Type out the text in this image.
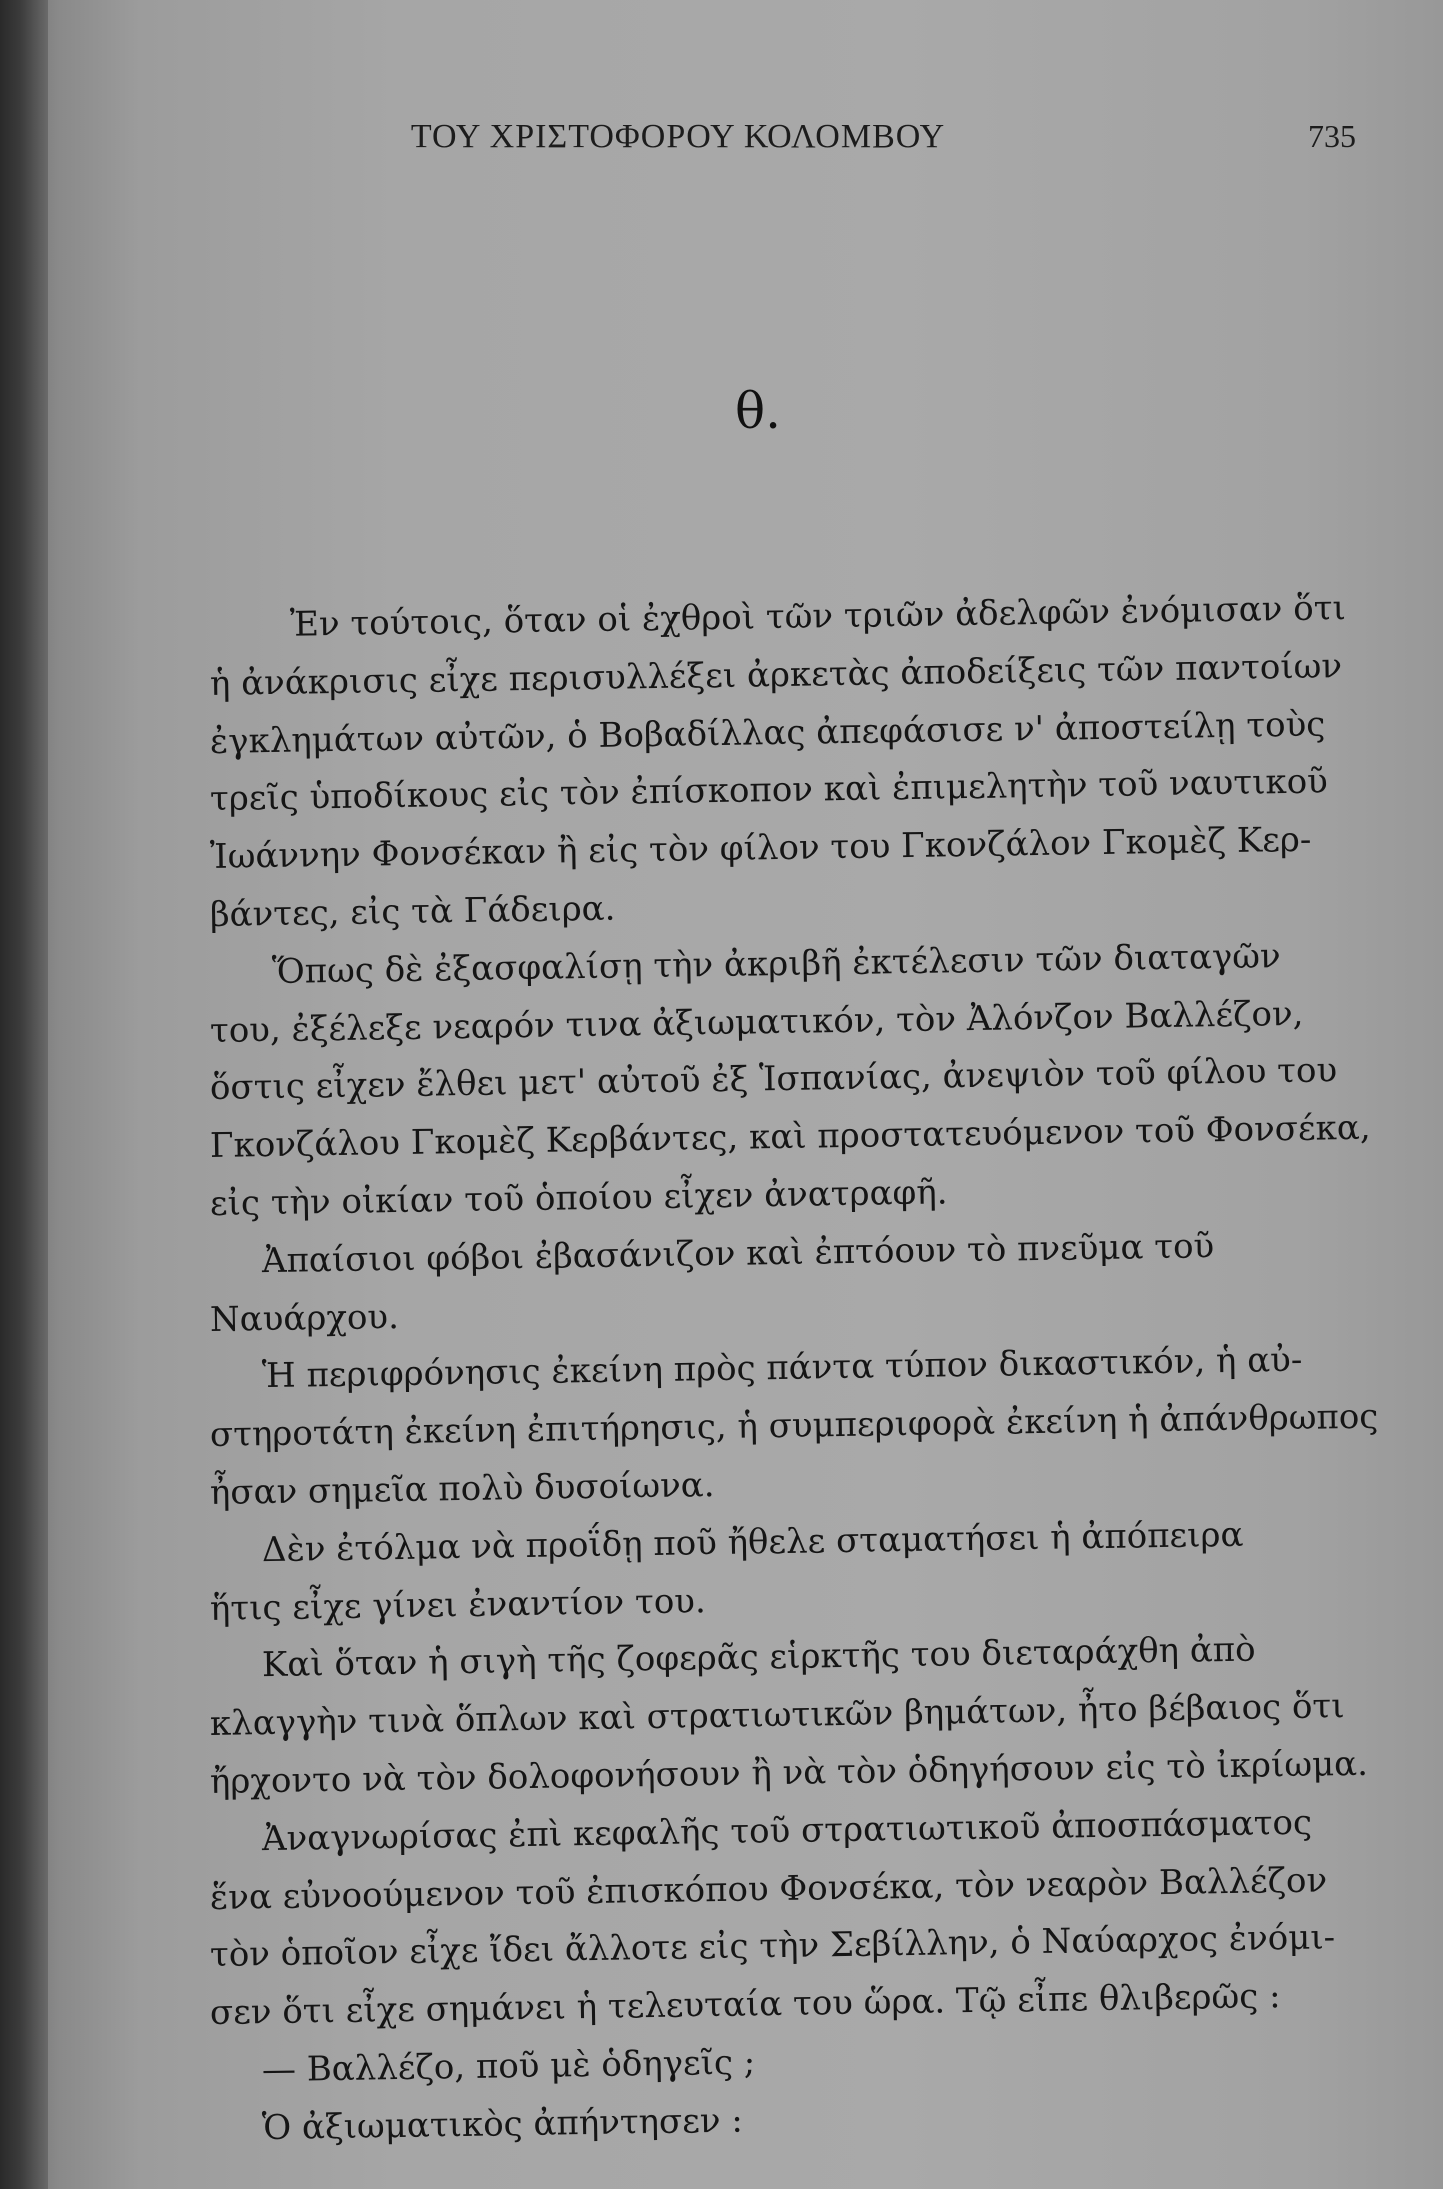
ΤΟΥ ΧΡΙΣΤΟΦΟΡΟΥ ΚΟΛΟΜΒΟΥ	735
θ.
Ἐν τούτοις, ὅταν οἱ ἐχθροὶ τῶν τριῶν ἀδελφῶν ἐνόμισαν ὅτι
ἡ ἀνάκρισις εἶχε περισυλλέξει ἀρκετὰς ἀποδείξεις τῶν παντοίων
ἐγκλημάτων αὐτῶν, ὁ Βοβαδίλλας ἀπεφάσισε ν' ἀποστείλῃ τοὺς
τρεῖς ὑποδίκους εἰς τὸν ἐπίσκοπον καὶ ἐπιμελητὴν τοῦ ναυτικοῦ
Ἰωάννην Φονσέκαν ἢ εἰς τὸν φίλον του Γκονζάλον Γκομὲζ Κερ-
βάντες, εἰς τὰ Γάδειρα.
Ὅπως δὲ ἐξασφαλίσῃ τὴν ἀκριβῆ ἐκτέλεσιν τῶν διαταγῶν
του, ἐξέλεξε νεαρόν τινα ἀξιωματικόν, τὸν Ἀλόνζον Βαλλέζον,
ὅστις εἶχεν ἔλθει μετ' αὐτοῦ ἐξ Ἱσπανίας, ἀνεψιὸν τοῦ φίλου του
Γκονζάλου Γκομὲζ Κερβάντες, καὶ προστατευόμενον τοῦ Φονσέκα,
εἰς τὴν οἰκίαν τοῦ ὁποίου εἶχεν ἀνατραφῆ.
Ἀπαίσιοι φόβοι ἐβασάνιζον καὶ ἐπτόουν τὸ πνεῦμα τοῦ
Ναυάρχου.
Ἡ περιφρόνησις ἐκείνη πρὸς πάντα τύπον δικαστικόν, ἡ αὐ-
στηροτάτη ἐκείνη ἐπιτήρησις, ἡ συμπεριφορὰ ἐκείνη ἡ ἀπάνθρωπος
ἦσαν σημεῖα πολὺ δυσοίωνα.
Δὲν ἐτόλμα νὰ προΐδῃ ποῦ ἤθελε σταματήσει ἡ ἀπόπειρα
ἥτις εἶχε γίνει ἐναντίον του.
Καὶ ὅταν ἡ σιγὴ τῆς ζοφερᾶς εἱρκτῆς του διεταράχθη ἀπὸ
κλαγγὴν τινὰ ὅπλων καὶ στρατιωτικῶν βημάτων, ἦτο βέβαιος ὅτι
ἤρχοντο νὰ τὸν δολοφονήσουν ἢ νὰ τὸν ὁδηγήσουν εἰς τὸ ἰκρίωμα.
Ἀναγνωρίσας ἐπὶ κεφαλῆς τοῦ στρατιωτικοῦ ἀποσπάσματος
ἕνα εὐνοούμενον τοῦ ἐπισκόπου Φονσέκα, τὸν νεαρὸν Βαλλέζον
τὸν ὁποῖον εἶχε ἴδει ἄλλοτε εἰς τὴν Σεβίλλην, ὁ Ναύαρχος ἐνόμι-
σεν ὅτι εἶχε σημάνει ἡ τελευταία του ὥρα. Τῷ εἶπε θλιβερῶς :
— Βαλλέζο, ποῦ μὲ ὁδηγεῖς ;
Ὁ ἀξιωματικὸς ἀπήντησεν :
